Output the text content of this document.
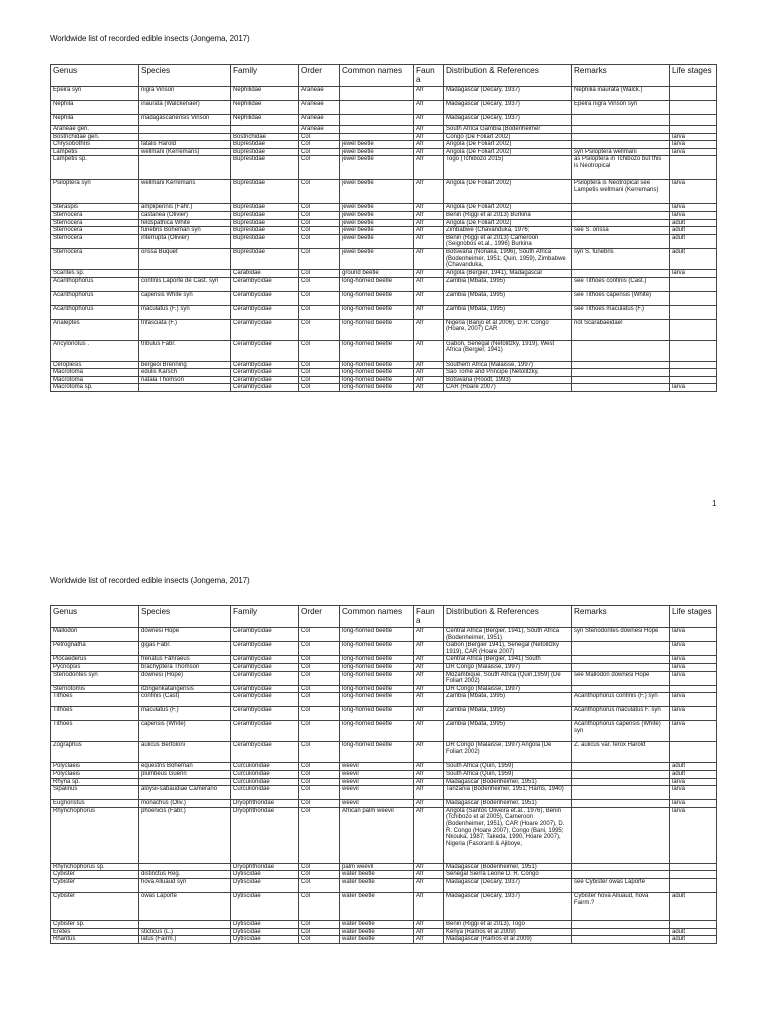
Worldwide list of recorded edible insects (Jongema, 2017)
Genus	Species	Family	Order	Common names	Faun a	Distribution & References	Remarks	Life stages
Epeira syn	nigra Vinson	Nephilidae	Araneae		Afr	Madagascar (Decary, 1937)	Nephilia inaurata (Walck.)	
Nephila	inaurata (Walckenaer)	Nephilidae	Araneae		Afr	Madagascar (Decary, 1937)	Epeira nigra Vinson syn	
Nephila	madagascariensis Vinson	Nephilidae	Araneae		Afr	Madagascar (Decary, 1937)		
Araneae gen.			Araneae		Afr	South Africa Gambia (Bodenheimer		
Bostrichidae gen.		Bostrichidae	Col		Afr	Congo (De Foliart 2002)		larva
Chrysobothris	fatalis Harold	Buprestidae	Col	jewel beetle	Afr	Angola (De Foliart 2002)		larva
Lampetis	wellmani (Kerremans)	Buprestidae	Col	jewel beetle	Afr	Angola (De Foliart 2002)	syn Psiloptera wellmani	larva
Lampetis sp.		Buprestidae	Col	jewel beetle	Afr	Togo (Tchibozo 2015)	as Psiloptera in Tchibozo but this is Neotropical	
Psiloptera syn	wellmani Kerremans	Buprestidae	Col	jewel beetle	Afr	Angola (De Foliart 2002)	Psiloptera is Neotropical see Lampetis wellmani (Kerremans)	larva
Steraspis	amplipennis (Fahr.)	Buprestidae	Col	jewel beetle	Afr	Angola (De Foliart 2002)		larva
Sternocera	castanea (Olivier)	Buprestidae	Col	jewel beetle	Afr	Benin (Riggi et al 2013) Burkina		larva
Sternocera	feldspathica White	Buprestidae	Col	jewel beetle	Afr	Angola (De Foliart 2002)		adult
Sternocera	funebris Boheman syn	Buprestidae	Col	jewel beetle	Afr	Zimbabwe (Chavanduka, 1976;	see S. orissa	adult
Sternocera	interrupta (Olivier)	Buprestidae	Col	jewel beetle	Afr	Benin (Riggi et al 2013) Cameroon (Seignobos et.al., 1996) Burkina		adult
Sternocera	orissa Buquet	Buprestidae	Col	jewel beetle	Afr	Botswana (Nonaka, 1996), South Africa (Bodenheimer, 1951; Quin, 1959), Zimbabwe (Chavanduka,	syn S. funebris	adult
Scarites sp.		Carabidae	Col	ground beetle	Afr	Angola (Bergier, 1941), Madagascar		larva
Acanthophorus	confinis Laporte de Cast. syn	Cerambycidae	Col	long-horned beetle	Afr	Zambia (Mbata, 1995)	see Tithoes confinis (Cast.)	
Acanthophorus	capensis White syn	Cerambycidae	Col	long-horned beetle	Afr	Zambia (Mbata, 1995)	see Tithoes capensis (White)	
Acanthophorus	maculatus (F.) syn	Cerambycidae	Col	long-horned beetle	Afr	Zambia (Mbata, 1995)	see Tithoes maculatus (F.)	
Analeptes	trifasciata (F.)	Cerambycidae	Col	long-horned beetle	Afr	Nigeria (Banjo et al 2006), D.R. Congo (Hoare, 2007) CAR	not Scarabaeidae!	
Ancylonotus .	tribulus Fabr.	Cerambycidae	Col	long-horned beetle	Afr	Gabon, Senegal (Netolitzky, 1919), West Africa (Bergier, 1941)		
Ceroplesis	bergeoi Brenning	Cerambycidae	Col	long-horned beetle	Afr	Southern Africa (Malaisse, 1997)		
Macrotoma	edulis Karsch	Cerambycidae	Col	long-horned beetle	Afr	Sao Tomé and Principe (Netolitzky,		
Macrotoma	natala Thomson	Cerambycidae	Col	long-horned beetle	Afr	Botswana (Roodt, 1993)		
Macrotoma sp.		Cerambycidae	Col	long-horned beetle	Afr	CAR (Hoare 2007)		larva
1
Worldwide list of recorded edible insects (Jongema, 2017)
Genus	Species	Family	Order	Common names	Faun a	Distribution & References	Remarks	Life stages
Mallodon	downesi Hope	Cerambycidae	Col	long-horned beetle	Afr	Central Africa (Bergier, 1941), South Africa (Bodenheimer, 1951)	syn Stenodontes downesi Hope	larva
Petrognatha	gigas Fabr.	Cerambycidae	Col	long-horned beetle	Afr	Gabon (Bergier 1941), Senegal (Netolitzky 1919), CAR (Hoare 2007)		larva
Plocaederus	frenatus Fåhraeus	Cerambycidae	Col	long-horned beetle	Afr	Central Africa (Bergier, 1941) South		larva
Pycnopsis	brachyptera Thomson	Cerambycidae	Col	long-horned beetle	Afr	DR Congo (Malaisse, 1997)		larva
Stenodontes syn	downesi (Hope)	Cerambycidae	Col	long-horned beetle	Afr	Mozambique, South Africa (Quin,1959) (De Foliart 2002)	see Mallodon downesi Hope	larva
Sternotomis	itzingerikatangensis	Cerambycidae	Col	long-horned beetle	Afr	DR Congo (Malaisse, 1997)		
Tithoes	confinis (Cast)	Cerambycidae	Col	long-horned beetle	Afr	Zambia (Mbata, 1995)	Acanthophorus confinis (F.) syn	larva
Tithoes	maculatus (F.)	Cerambycidae	Col	long-horned beetle	Afr	Zambia (Mbata, 1995)	Acanthophorus maculatus F. syn	larva
Tithoes	capensis (White)	Cerambycidae	Col	long-horned beetle	Afr	Zambia (Mbata, 1995)	Acanthophorus capensis (White) syn	larva
Zographus	aulicus Bertoloni	Cerambycidae	Col	long-horned beetle	Afr	DR Congo (Malaisse, 1997) Angola (De Foliart 2002)	Z. aulicus var. ferox Harold	
Polyclaeis	equestris Boheman	Curculionidae	Col	weevil	Afr	South Africa (Quin, 1959)		adult
Polyclaeis	plumbeus Guérin	Curculionidae	Col	weevil	Afr	South Africa (Quin, 1959)		adult
Rhyna sp.		Curculionidae	Col	weevil	Afr	Madagascar (Bodenheimer, 1951)		larva
Sipalinus	aloysii-sabaudiae Camerano	Curculionidae	Col	weevil	Afr	Tanzania (Bodenheimer, 1951; Harris, 1940)		larva
Eugnoristus	monachus (Oliv.)	Dryophthoridae	Col	weevil	Afr	Madagascar (Bodenheimer, 1951)		larva
Rhynchophorus	phoenicis (Fabr.)	Dryophthoridae	Col	African palm weevil	Afr	Angola (Santos Oliveira et.al., 1976), Benin (Tchibozo et al 2005), Cameroon (Bodenheimer, 1951), CAR (Hoare 2007), D. R. Congo (Hoare 2007), Congo (Bani, 1995; Nkouka, 1987; Takeda, 1990, Hoare 2007), Nigeria (Fasoranti & Ajiboye,		larva
Rhynchophorus sp.		Dryophthoridae	Col	palm weevil	Afr	Madagascar (Bodenheimer, 1951)		
Cybister	distinctus Reg.	Dytiscidae	Col	water beetle	Afr	Senegal Sierra Leone D. R. Congo		
Cybister	hova Alluaud syn	Dytiscidae	Col	water beetle	Afr	Madagascar (Decary, 1937)	see Cybister owas Laporte	
Cybister	owas Laporte	Dytiscidae	Col	water beetle	Afr	Madagascar (Decary, 1937)	Cybister hova Alluaud, hova Fairm.?	adult
Cybister sp.		Dytiscidae	Col	water beetle	Afr	Benin (Riggi et al 2013), Togo		
Eretes	sticticus (L.)	Dytiscidae	Col	water beetle	Afr	Kenya (Ramos et al 2009)		adult
Rhantus	latus (Fairm.)	Dytiscidae	Col	water beetle	Afr	Madagascar (Ramos et al 2009)		adult
